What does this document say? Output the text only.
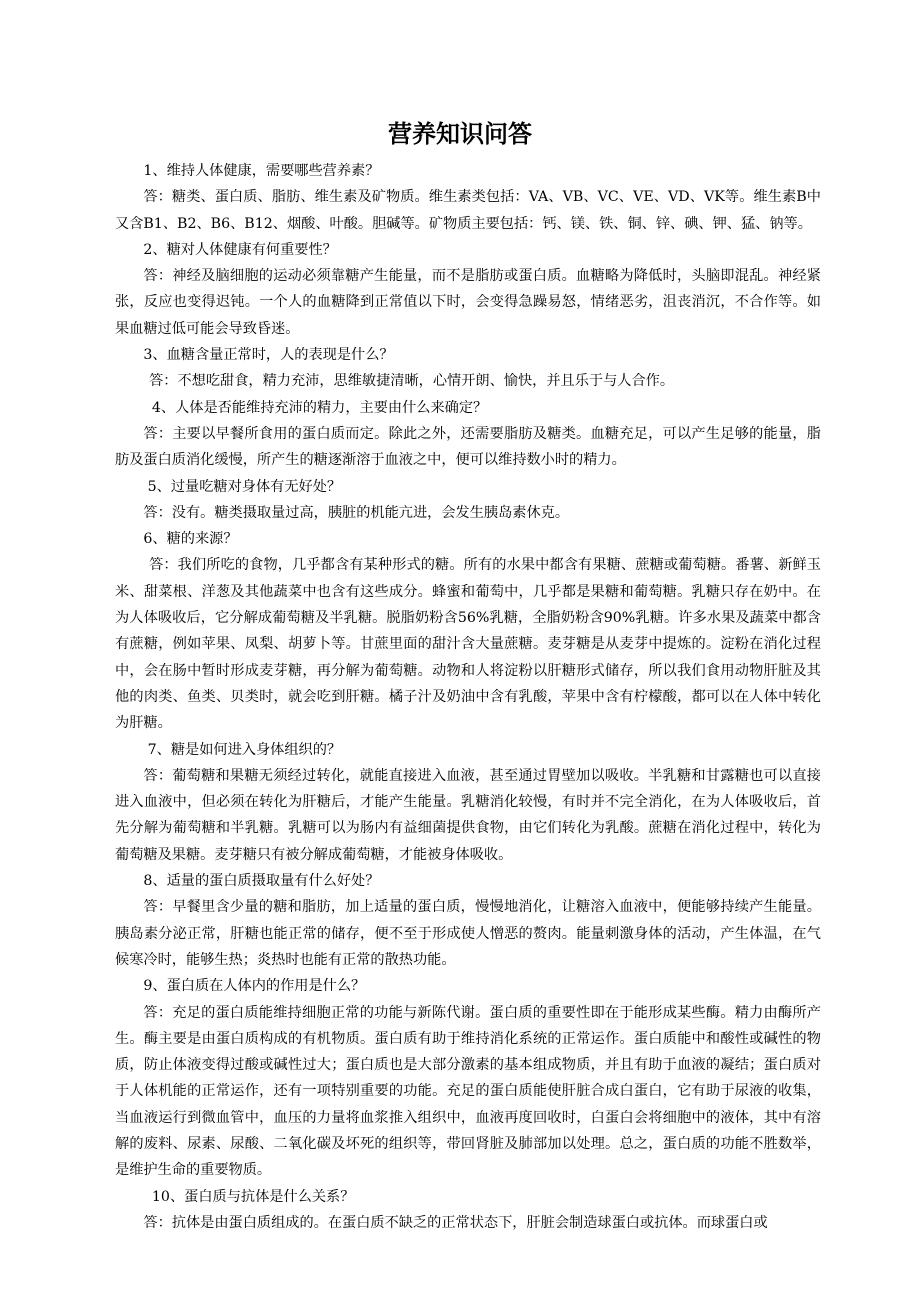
营养知识问答

1、维持人体健康，需要哪些营养素？

答：糖类、蛋白质、脂肪、维生素及矿物质。维生素类包括：VA、VB、VC、VE、VD、VK等。维生素B中又含B1、B2、B6、B12、烟酸、叶酸。胆碱等。矿物质主要包括：钙、镁、铁、铜、锌、碘、钾、猛、钠等。

2、糖对人体健康有何重要性？

答：神经及脑细胞的运动必须靠糖产生能量，而不是脂肪或蛋白质。血糖略为降低时，头脑即混乱。神经紧张，反应也变得迟钝。一个人的血糖降到正常值以下时，会变得急躁易怒，情绪恶劣，沮丧消沉，不合作等。如果血糖过低可能会导致昏迷。

3、血糖含量正常时，人的表现是什么？

答：不想吃甜食，精力充沛，思维敏捷清晰，心情开朗、愉快，并且乐于与人合作。

4、人体是否能维持充沛的精力，主要由什么来确定？

答：主要以早餐所食用的蛋白质而定。除此之外，还需要脂肪及糖类。血糖充足，可以产生足够的能量，脂肪及蛋白质消化缓慢，所产生的糖逐渐溶于血液之中，便可以维持数小时的精力。

5、过量吃糖对身体有无好处？

答：没有。糖类摄取量过高，胰脏的机能亢进，会发生胰岛素休克。

6、糖的来源？

答：我们所吃的食物，几乎都含有某种形式的糖。所有的水果中都含有果糖、蔗糖或葡萄糖。番薯、新鲜玉米、甜菜根、洋葱及其他蔬菜中也含有这些成分。蜂蜜和葡萄中，几乎都是果糖和葡萄糖。乳糖只存在奶中。在为人体吸收后，它分解成葡萄糖及半乳糖。脱脂奶粉含56%乳糖，全脂奶粉含90%乳糖。许多水果及蔬菜中都含有蔗糖，例如苹果、凤梨、胡萝卜等。甘蔗里面的甜汁含大量蔗糖。麦芽糖是从麦芽中提炼的。淀粉在消化过程中，会在肠中暂时形成麦芽糖，再分解为葡萄糖。动物和人将淀粉以肝糖形式储存，所以我们食用动物肝脏及其他的肉类、鱼类、贝类时，就会吃到肝糖。橘子汁及奶油中含有乳酸，苹果中含有柠檬酸，都可以在人体中转化为肝糖。

7、糖是如何进入身体组织的？

答：葡萄糖和果糖无须经过转化，就能直接进入血液，甚至通过胃壁加以吸收。半乳糖和甘露糖也可以直接进入血液中，但必须在转化为肝糖后，才能产生能量。乳糖消化较慢，有时并不完全消化，在为人体吸收后，首先分解为葡萄糖和半乳糖。乳糖可以为肠内有益细菌提供食物，由它们转化为乳酸。蔗糖在消化过程中，转化为葡萄糖及果糖。麦芽糖只有被分解成葡萄糖，才能被身体吸收。

8、适量的蛋白质摄取量有什么好处？

答：早餐里含少量的糖和脂肪，加上适量的蛋白质，慢慢地消化，让糖溶入血液中，便能够持续产生能量。胰岛素分泌正常，肝糖也能正常的储存，便不至于形成使人憎恶的赘肉。能量刺激身体的活动，产生体温，在气候寒冷时，能够生热；炎热时也能有正常的散热功能。

9、蛋白质在人体内的作用是什么？

答：充足的蛋白质能维持细胞正常的功能与新陈代谢。蛋白质的重要性即在于能形成某些酶。精力由酶所产生。酶主要是由蛋白质构成的有机物质。蛋白质有助于维持消化系统的正常运作。蛋白质能中和酸性或碱性的物质，防止体液变得过酸或碱性过大；蛋白质也是大部分激素的基本组成物质，并且有助于血液的凝结；蛋白质对于人体机能的正常运作，还有一项特别重要的功能。充足的蛋白质能使肝脏合成白蛋白，它有助于尿液的收集，当血液运行到微血管中，血压的力量将血浆推入组织中，血液再度回收时，白蛋白会将细胞中的液体，其中有溶解的废料、尿素、尿酸、二氧化碳及坏死的组织等，带回肾脏及肺部加以处理。总之，蛋白质的功能不胜数举，是维护生命的重要物质。

10、蛋白质与抗体是什么关系？

答：抗体是由蛋白质组成的。在蛋白质不缺乏的正常状态下，肝脏会制造球蛋白或抗体。而球蛋白或
